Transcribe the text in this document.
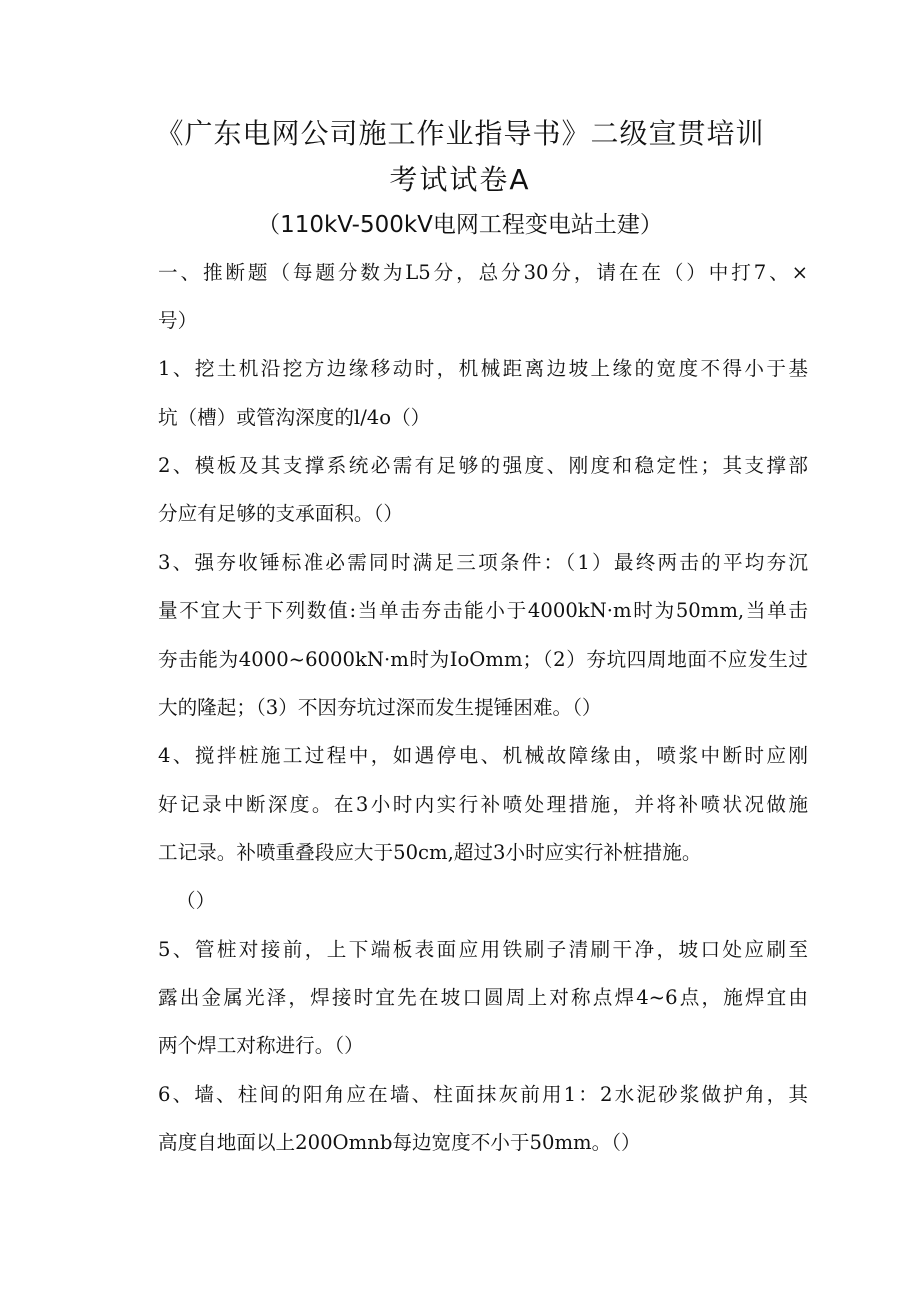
《广东电网公司施工作业指导书》二级宣贯培训
考试试卷A
（110kV-500kV电网工程变电站土建）
一、推断题（每题分数为L5分，总分30分，请在在（）中打7、×
号）
1、挖土机沿挖方边缘移动时，机械距离边坡上缘的宽度不得小于基
坑（槽）或管沟深度的l/4o（）
2、模板及其支撑系统必需有足够的强度、刚度和稳定性；其支撑部
分应有足够的支承面积。（）
3、强夯收锤标准必需同时满足三项条件：（1）最终两击的平均夯沉
量不宜大于下列数值:当单击夯击能小于4000kN·m时为50mm,当单击
夯击能为4000~6000kN·m时为IoOmm；（2）夯坑四周地面不应发生过
大的隆起；（3）不因夯坑过深而发生提锤困难。（）
4、搅拌桩施工过程中，如遇停电、机械故障缘由，喷浆中断时应刚
好记录中断深度。在3小时内实行补喷处理措施，并将补喷状况做施
工记录。补喷重叠段应大于50cm,超过3小时应实行补桩措施。
（）
5、管桩对接前，上下端板表面应用铁刷子清刷干净，坡口处应刷至
露出金属光泽，焊接时宜先在坡口圆周上对称点焊4~6点，施焊宜由
两个焊工对称进行。（）
6、墙、柱间的阳角应在墙、柱面抹灰前用1：2水泥砂浆做护角，其
高度自地面以上200Omnb每边宽度不小于50mm。（）
